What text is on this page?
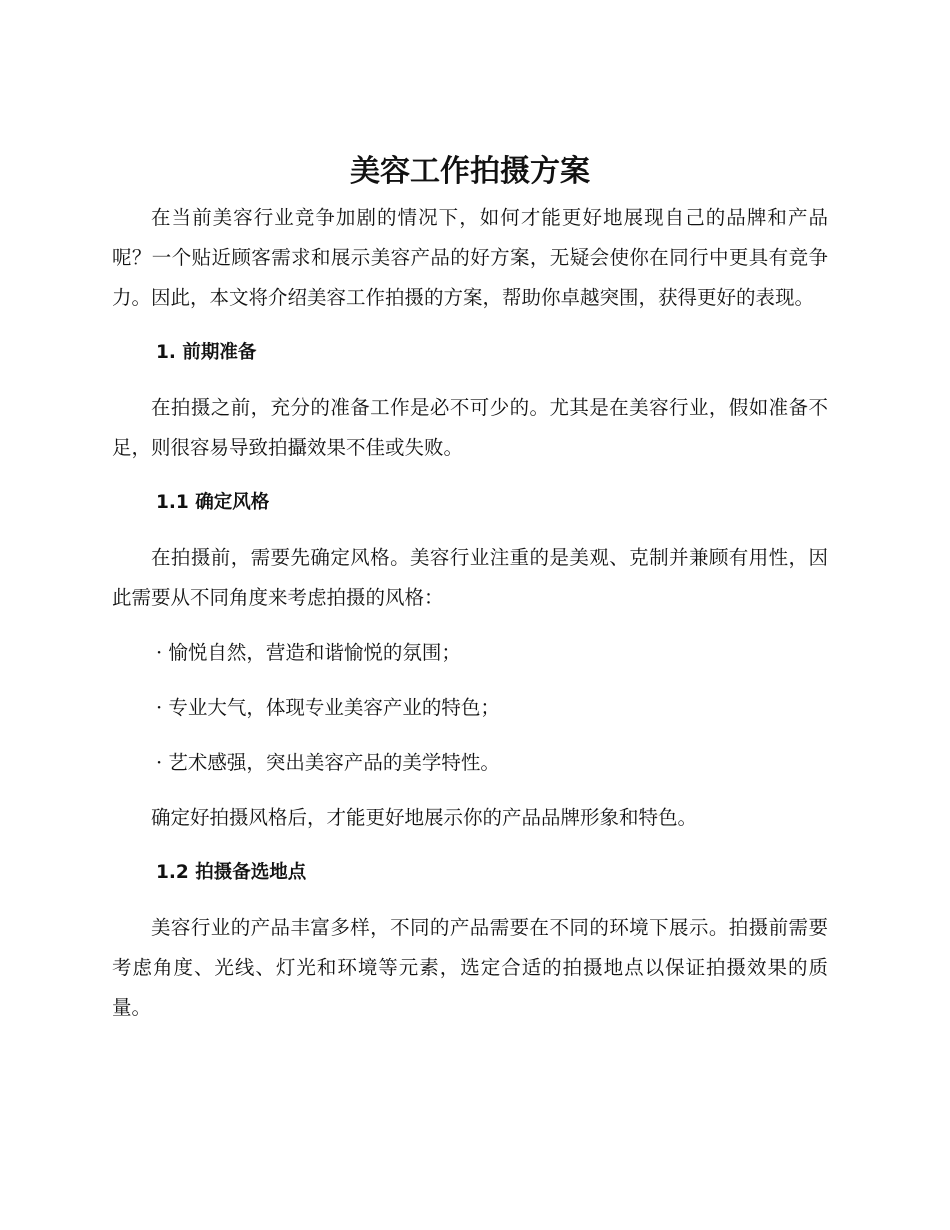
美容工作拍摄方案

在当前美容行业竞争加剧的情况下，如何才能更好地展现自己的品牌和产品呢？一个贴近顾客需求和展示美容产品的好方案，无疑会使你在同行中更具有竞争力。因此，本文将介绍美容工作拍摄的方案，帮助你卓越突围，获得更好的表现。

1. 前期准备

在拍摄之前，充分的准备工作是必不可少的。尤其是在美容行业，假如准备不足，则很容易导致拍攝效果不佳或失败。

1.1 确定风格

在拍摄前，需要先确定风格。美容行业注重的是美观、克制并兼顾有用性，因此需要从不同角度来考虑拍摄的风格：

· 愉悦自然，营造和谐愉悦的氛围；

· 专业大气，体现专业美容产业的特色；

· 艺术感强，突出美容产品的美学特性。

确定好拍摄风格后，才能更好地展示你的产品品牌形象和特色。

1.2 拍摄备选地点

美容行业的产品丰富多样，不同的产品需要在不同的环境下展示。拍摄前需要考虑角度、光线、灯光和环境等元素，选定合适的拍摄地点以保证拍摄效果的质量。
